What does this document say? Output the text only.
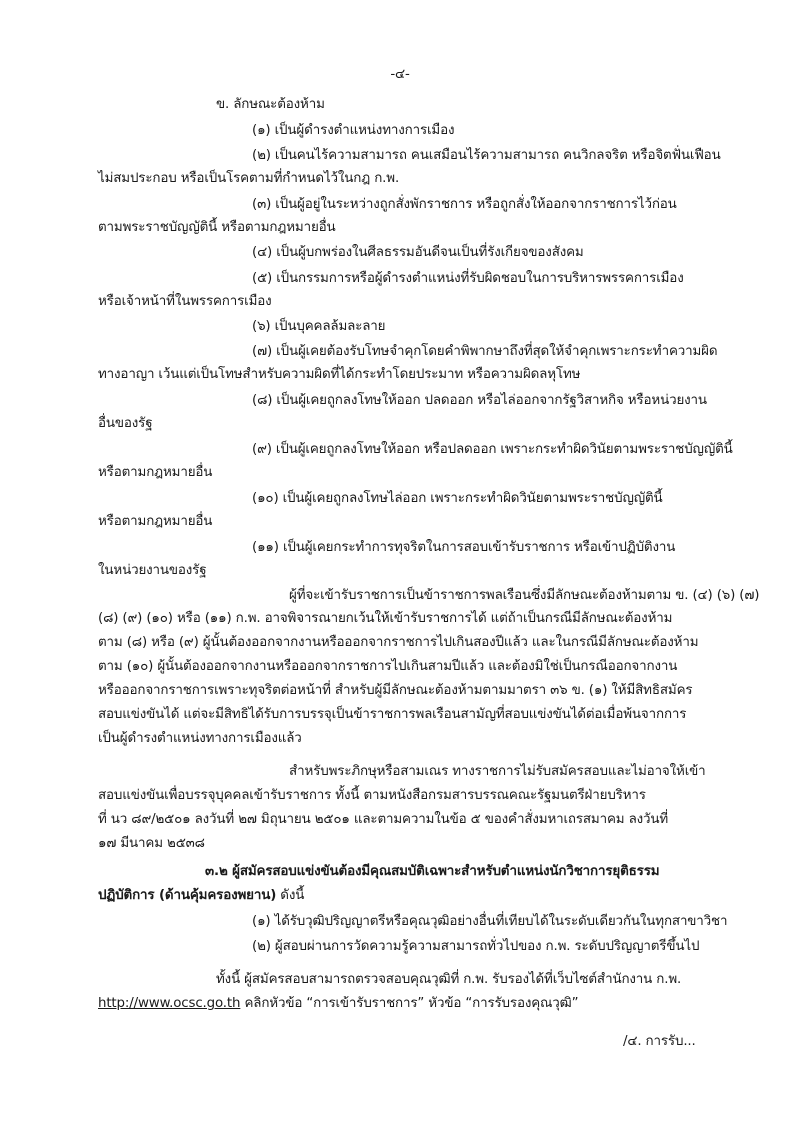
-๔-
ข. ลักษณะต้องห้าม
(๑) เป็นผู้ดำรงตำแหน่งทางการเมือง
(๒) เป็นคนไร้ความสามารถ คนเสมือนไร้ความสามารถ คนวิกลจริต หรือจิตฟั่นเฟือน
ไม่สมประกอบ หรือเป็นโรคตามที่กำหนดไว้ในกฎ ก.พ.
(๓) เป็นผู้อยู่ในระหว่างถูกสั่งพักราชการ หรือถูกสั่งให้ออกจากราชการไว้ก่อน
ตามพระราชบัญญัตินี้ หรือตามกฎหมายอื่น
(๔) เป็นผู้บกพร่องในศีลธรรมอันดีจนเป็นที่รังเกียจของสังคม
(๕) เป็นกรรมการหรือผู้ดำรงตำแหน่งที่รับผิดชอบในการบริหารพรรคการเมือง
หรือเจ้าหน้าที่ในพรรคการเมือง
(๖) เป็นบุคคลล้มละลาย
(๗) เป็นผู้เคยต้องรับโทษจำคุกโดยคำพิพากษาถึงที่สุดให้จำคุกเพราะกระทำความผิด
ทางอาญา เว้นแต่เป็นโทษสำหรับความผิดที่ได้กระทำโดยประมาท หรือความผิดลหุโทษ
(๘) เป็นผู้เคยถูกลงโทษให้ออก ปลดออก หรือไล่ออกจากรัฐวิสาหกิจ หรือหน่วยงาน
อื่นของรัฐ
(๙) เป็นผู้เคยถูกลงโทษให้ออก หรือปลดออก เพราะกระทำผิดวินัยตามพระราชบัญญัตินี้
หรือตามกฎหมายอื่น
(๑๐) เป็นผู้เคยถูกลงโทษไล่ออก เพราะกระทำผิดวินัยตามพระราชบัญญัตินี้
หรือตามกฎหมายอื่น
(๑๑) เป็นผู้เคยกระทำการทุจริตในการสอบเข้ารับราชการ หรือเข้าปฏิบัติงาน
ในหน่วยงานของรัฐ
ผู้ที่จะเข้ารับราชการเป็นข้าราชการพลเรือนซึ่งมีลักษณะต้องห้ามตาม ข. (๔) (๖) (๗)
(๘) (๙) (๑๐) หรือ (๑๑) ก.พ. อาจพิจารณายกเว้นให้เข้ารับราชการได้ แต่ถ้าเป็นกรณีมีลักษณะต้องห้าม
ตาม (๘) หรือ (๙) ผู้นั้นต้องออกจากงานหรือออกจากราชการไปเกินสองปีแล้ว และในกรณีมีลักษณะต้องห้าม
ตาม (๑๐) ผู้นั้นต้องออกจากงานหรือออกจากราชการไปเกินสามปีแล้ว และต้องมิใช่เป็นกรณีออกจากงาน
หรือออกจากราชการเพราะทุจริตต่อหน้าที่ สำหรับผู้มีลักษณะต้องห้ามตามมาตรา ๓๖ ข. (๑) ให้มีสิทธิสมัคร
สอบแข่งขันได้ แต่จะมีสิทธิได้รับการบรรจุเป็นข้าราชการพลเรือนสามัญที่สอบแข่งขันได้ต่อเมื่อพ้นจากการ
เป็นผู้ดำรงตำแหน่งทางการเมืองแล้ว
สำหรับพระภิกษุหรือสามเณร ทางราชการไม่รับสมัครสอบและไม่อาจให้เข้า
สอบแข่งขันเพื่อบรรจุบุคคลเข้ารับราชการ ทั้งนี้ ตามหนังสือกรมสารบรรณคณะรัฐมนตรีฝ่ายบริหาร
ที่ นว ๘๙/๒๕๐๑ ลงวันที่ ๒๗ มิถุนายน ๒๕๐๑ และตามความในข้อ ๕ ของคำสั่งมหาเถรสมาคม ลงวันที่
๑๗ มีนาคม ๒๕๓๘
๓.๒ ผู้สมัครสอบแข่งขันต้องมีคุณสมบัติเฉพาะสำหรับตำแหน่งนักวิชาการยุติธรรม
ปฏิบัติการ (ด้านคุ้มครองพยาน) ดังนี้
(๑) ได้รับวุฒิปริญญาตรีหรือคุณวุฒิอย่างอื่นที่เทียบได้ในระดับเดียวกันในทุกสาขาวิชา
(๒) ผู้สอบผ่านการวัดความรู้ความสามารถทั่วไปของ ก.พ. ระดับปริญญาตรีขึ้นไป
ทั้งนี้ ผู้สมัครสอบสามารถตรวจสอบคุณวุฒิที่ ก.พ. รับรองได้ที่เว็บไซต์สำนักงาน ก.พ.
http://www.ocsc.go.th คลิกหัวข้อ “การเข้ารับราชการ” หัวข้อ “การรับรองคุณวุฒิ”
/๔. การรับ...
